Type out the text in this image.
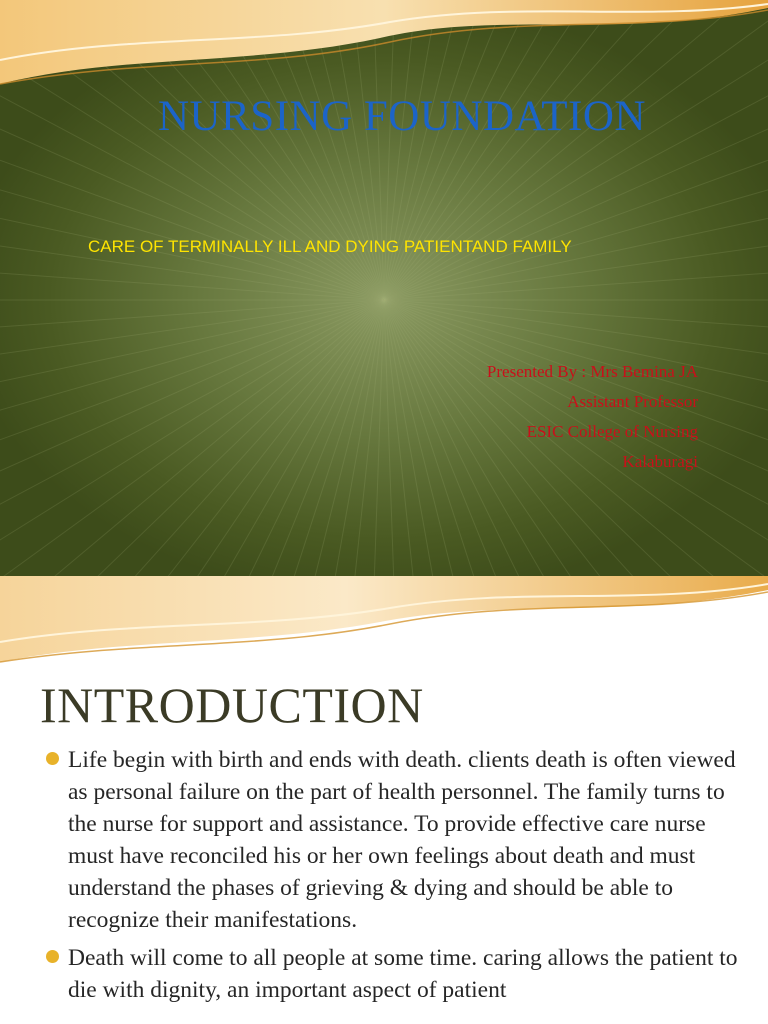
NURSING FOUNDATION
CARE OF TERMINALLY ILL AND DYING PATIENTAND FAMILY
Presented By : Mrs Bemina JA
Assistant Professor
ESIC College of Nursing
Kalaburagi
INTRODUCTION
Life begin with birth and ends with death. clients death is often viewed as personal failure on the part of health personnel. The family turns to the nurse for support and assistance. To provide effective care nurse must have reconciled his or her own feelings about death and must understand the phases of grieving & dying and should be able to recognize their manifestations.
Death will come to all people at some time. caring allows the patient to die with dignity, an important aspect of patient
